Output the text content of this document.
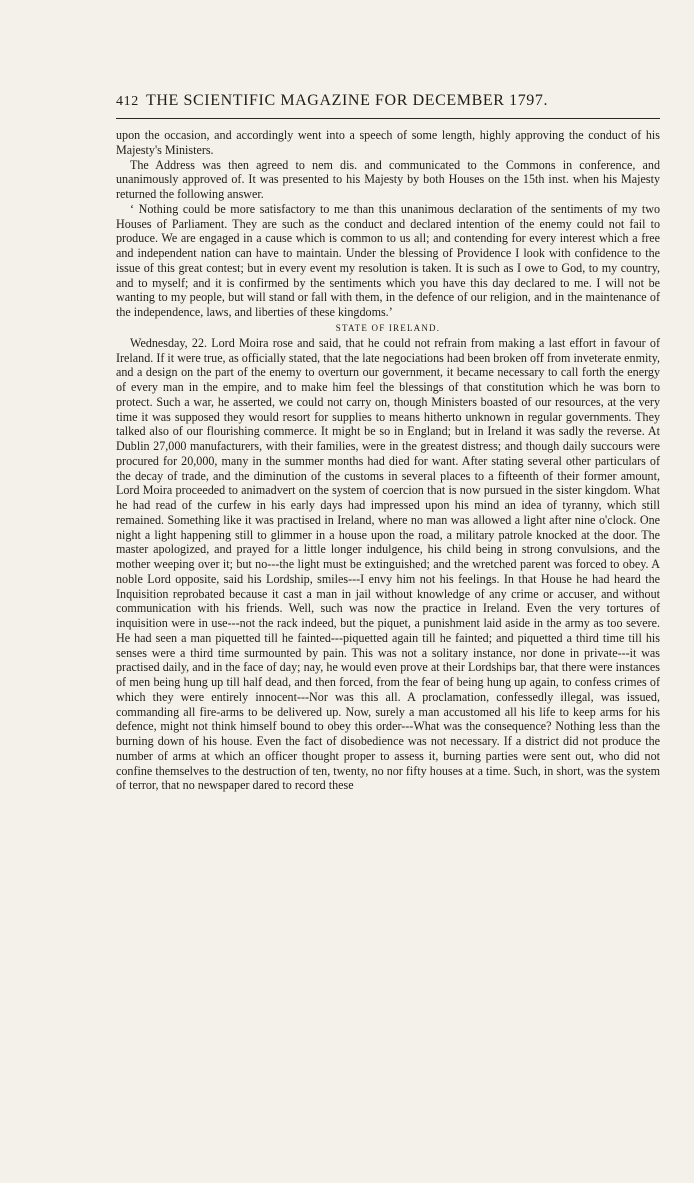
412 THE SCIENTIFIC MAGAZINE FOR DECEMBER 1797.

upon the occasion, and accordingly went into a speech of some length, highly approving the conduct of his Majesty's Ministers.

The Address was then agreed to nem dis. and communicated to the Commons in conference, and unanimously approved of. It was presented to his Majesty by both Houses on the 15th inst. when his Majesty returned the following answer.

‘ Nothing could be more satisfactory to me than this unanimous declaration of the sentiments of my two Houses of Parliament. They are such as the conduct and declared intention of the enemy could not fail to produce. We are engaged in a cause which is common to us all; and contending for every interest which a free and independent nation can have to maintain. Under the blessing of Providence I look with confidence to the issue of this great contest; but in every event my resolution is taken. It is such as I owe to God, to my country, and to myself; and it is confirmed by the sentiments which you have this day declared to me. I will not be wanting to my people, but will stand or fall with them, in the defence of our religion, and in the maintenance of the independence, laws, and liberties of these kingdoms.’

STATE OF IRELAND.

Wednesday, 22. Lord Moira rose and said, that he could not refrain from making a last effort in favour of Ireland. If it were true, as officially stated, that the late negociations had been broken off from inveterate enmity, and a design on the part of the enemy to overturn our government, it became necessary to call forth the energy of every man in the empire, and to make him feel the blessings of that constitution which he was born to protect. Such a war, he asserted, we could not carry on, though Ministers boasted of our resources, at the very time it was supposed they would resort for supplies to means hitherto unknown in regular governments. They talked also of our flourishing commerce. It might be so in England; but in Ireland it was sadly the reverse. At Dublin 27,000 manufacturers, with their families, were in the greatest distress; and though daily succours were procured for 20,000, many in the summer months had died for want. After stating several other particulars of the decay of trade, and the diminution of the customs in several places to a fifteenth of their former amount, Lord Moira proceeded to animadvert on the system of coercion that is now pursued in the sister kingdom. What he had read of the curfew in his early days had impressed upon his mind an idea of tyranny, which still remained. Something like it was practised in Ireland, where no man was allowed a light after nine o'clock. One night a light happening still to glimmer in a house upon the road, a military patrole knocked at the door. The master apologized, and prayed for a little longer indulgence, his child being in strong convulsions, and the mother weeping over it; but no---the light must be extinguished; and the wretched parent was forced to obey. A noble Lord opposite, said his Lordship, smiles---I envy him not his feelings. In that House he had heard the Inquisition reprobated because it cast a man in jail without knowledge of any crime or accuser, and without communication with his friends. Well, such was now the practice in Ireland. Even the very tortures of inquisition were in use---not the rack indeed, but the piquet, a punishment laid aside in the army as too severe. He had seen a man piquetted till he fainted---piquetted again till he fainted; and piquetted a third time till his senses were a third time surmounted by pain. This was not a solitary instance, nor done in private---it was practised daily, and in the face of day; nay, he would even prove at their Lordships bar, that there were instances of men being hung up till half dead, and then forced, from the fear of being hung up again, to confess crimes of which they were entirely innocent---Nor was this all. A proclamation, confessedly illegal, was issued, commanding all fire-arms to be delivered up. Now, surely a man accustomed all his life to keep arms for his defence, might not think himself bound to obey this order---What was the consequence? Nothing less than the burning down of his house. Even the fact of disobedience was not necessary. If a district did not produce the number of arms at which an officer thought proper to assess it, burning parties were sent out, who did not confine themselves to the destruction of ten, twenty, no nor fifty houses at a time. Such, in short, was the system of terror, that no newspaper dared to record these
